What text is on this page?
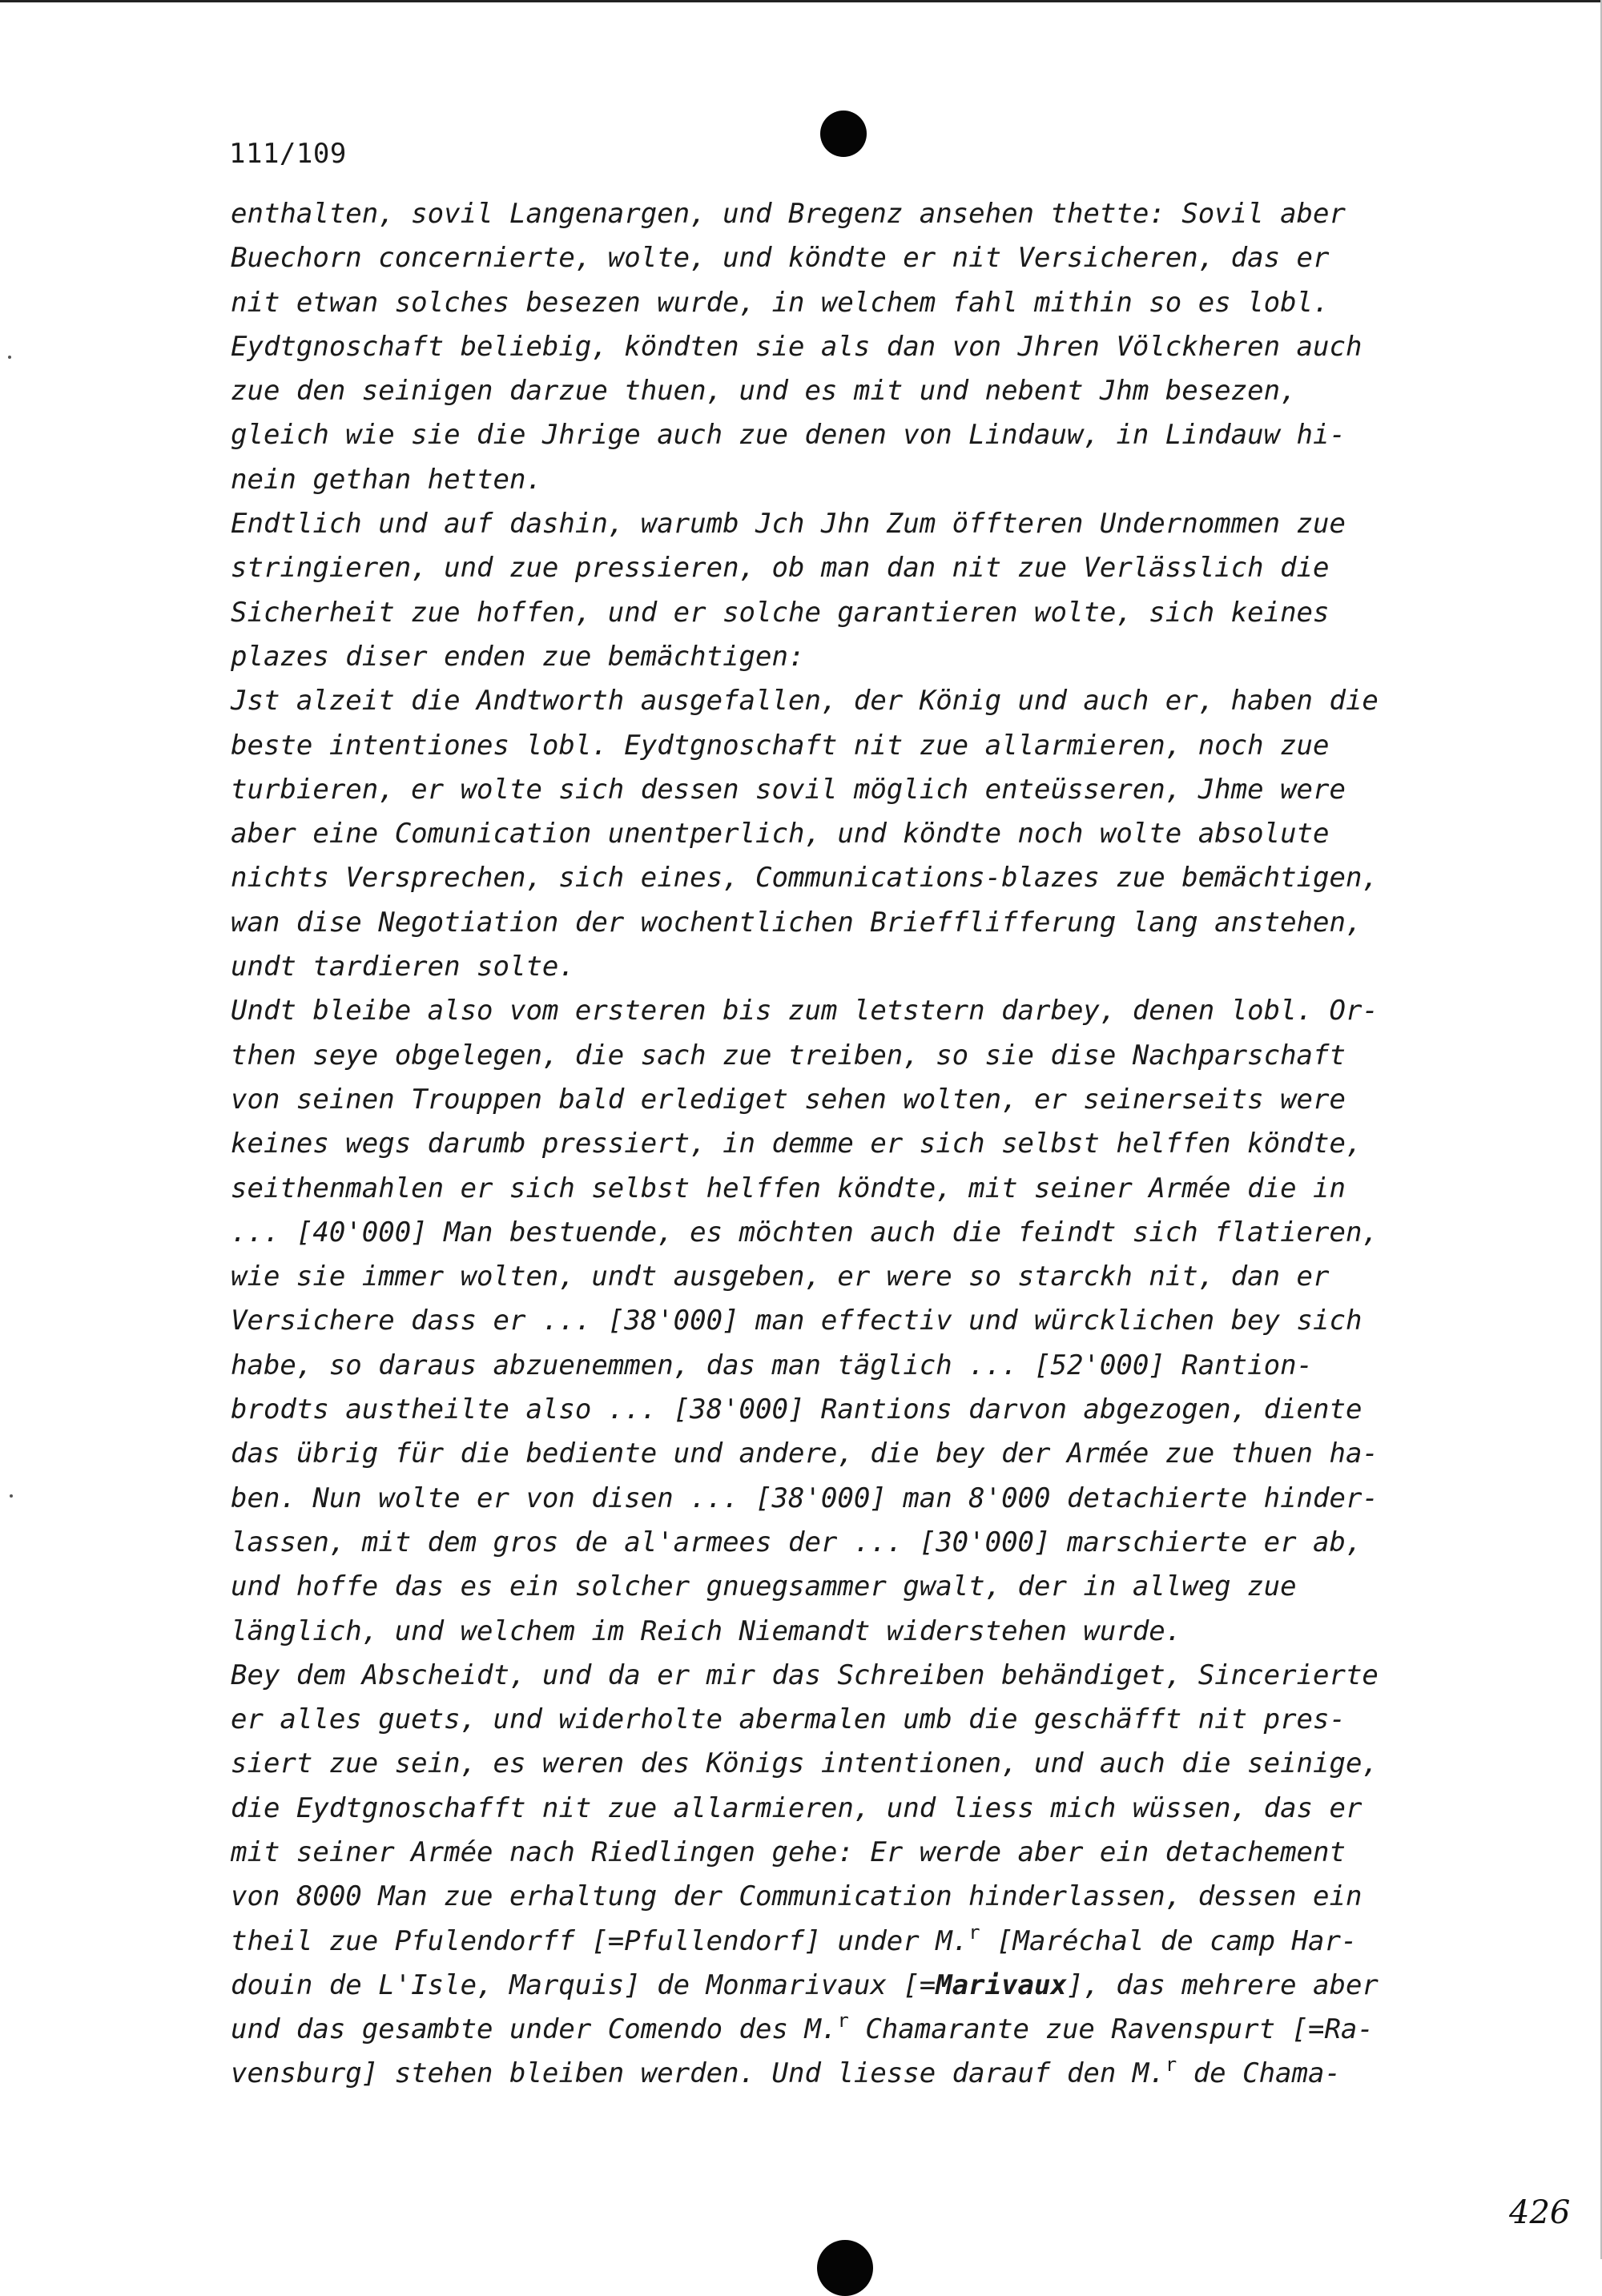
111/109
enthalten, sovil Langenargen, und Bregenz ansehen thette: Sovil aber
Buechorn concernierte, wolte, und köndte er nit Versicheren, das er
nit etwan solches besezen wurde, in welchem fahl mithin so es lobl.
Eydtgnoschaft beliebig, köndten sie als dan von Jhren Völckheren auch
zue den seinigen darzue thuen, und es mit und nebent Jhm besezen,
gleich wie sie die Jhrige auch zue denen von Lindauw, in Lindauw hi-
nein gethan hetten.
Endtlich und auf dashin, warumb Jch Jhn Zum öffteren Undernommen zue
stringieren, und zue pressieren, ob man dan nit zue Verlässlich die
Sicherheit zue hoffen, und er solche garantieren wolte, sich keines
plazes diser enden zue bemächtigen:
Jst alzeit die Andtworth ausgefallen, der König und auch er, haben die
beste intentiones lobl. Eydtgnoschaft nit zue allarmieren, noch zue
turbieren, er wolte sich dessen sovil möglich enteüsseren, Jhme were
aber eine Comunication unentperlich, und köndte noch wolte absolute
nichts Versprechen, sich eines, Communications-blazes zue bemächtigen,
wan dise Negotiation der wochentlichen Briefflifferung lang anstehen,
undt tardieren solte.
Undt bleibe also vom ersteren bis zum letstern darbey, denen lobl. Or-
then seye obgelegen, die sach zue treiben, so sie dise Nachparschaft
von seinen Trouppen bald erlediget sehen wolten, er seinerseits were
keines wegs darumb pressiert, in demme er sich selbst helffen köndte,
seithenmahlen er sich selbst helffen köndte, mit seiner Armée die in
... [40'000] Man bestuende, es möchten auch die feindt sich flatieren,
wie sie immer wolten, undt ausgeben, er were so starckh nit, dan er
Versichere dass er ... [38'000] man effectiv und würcklichen bey sich
habe, so daraus abzuenemmen, das man täglich ... [52'000] Rantion-
brodts austheilte also ... [38'000] Rantions darvon abgezogen, diente
das übrig für die bediente und andere, die bey der Armée zue thuen ha-
ben. Nun wolte er von disen ... [38'000] man 8'000 detachierte hinder-
lassen, mit dem gros de al'armees der ... [30'000] marschierte er ab,
und hoffe das es ein solcher gnuegsammer gwalt, der in allweg zue
länglich, und welchem im Reich Niemandt widerstehen wurde.
Bey dem Abscheidt, und da er mir das Schreiben behändiget, Sincerierte
er alles guets, und widerholte abermalen umb die geschäfft nit pres-
siert zue sein, es weren des Königs intentionen, und auch die seinige,
die Eydtgnoschafft nit zue allarmieren, und liess mich wüssen, das er
mit seiner Armée nach Riedlingen gehe: Er werde aber ein detachement
von 8000 Man zue erhaltung der Communication hinderlassen, dessen ein
theil zue Pfulendorff [=Pfullendorf] under M.$^r$ [Maréchal de camp Har-
douin de L'Isle, Marquis] de Monmarivaux [=Marivaux], das mehrere aber
und das gesambte under Comendo des M.$^r$ Chamarante zue Ravenspurt [=Ra-
vensburg] stehen bleiben werden. Und liesse darauf den M.$^r$ de Chama-
426
